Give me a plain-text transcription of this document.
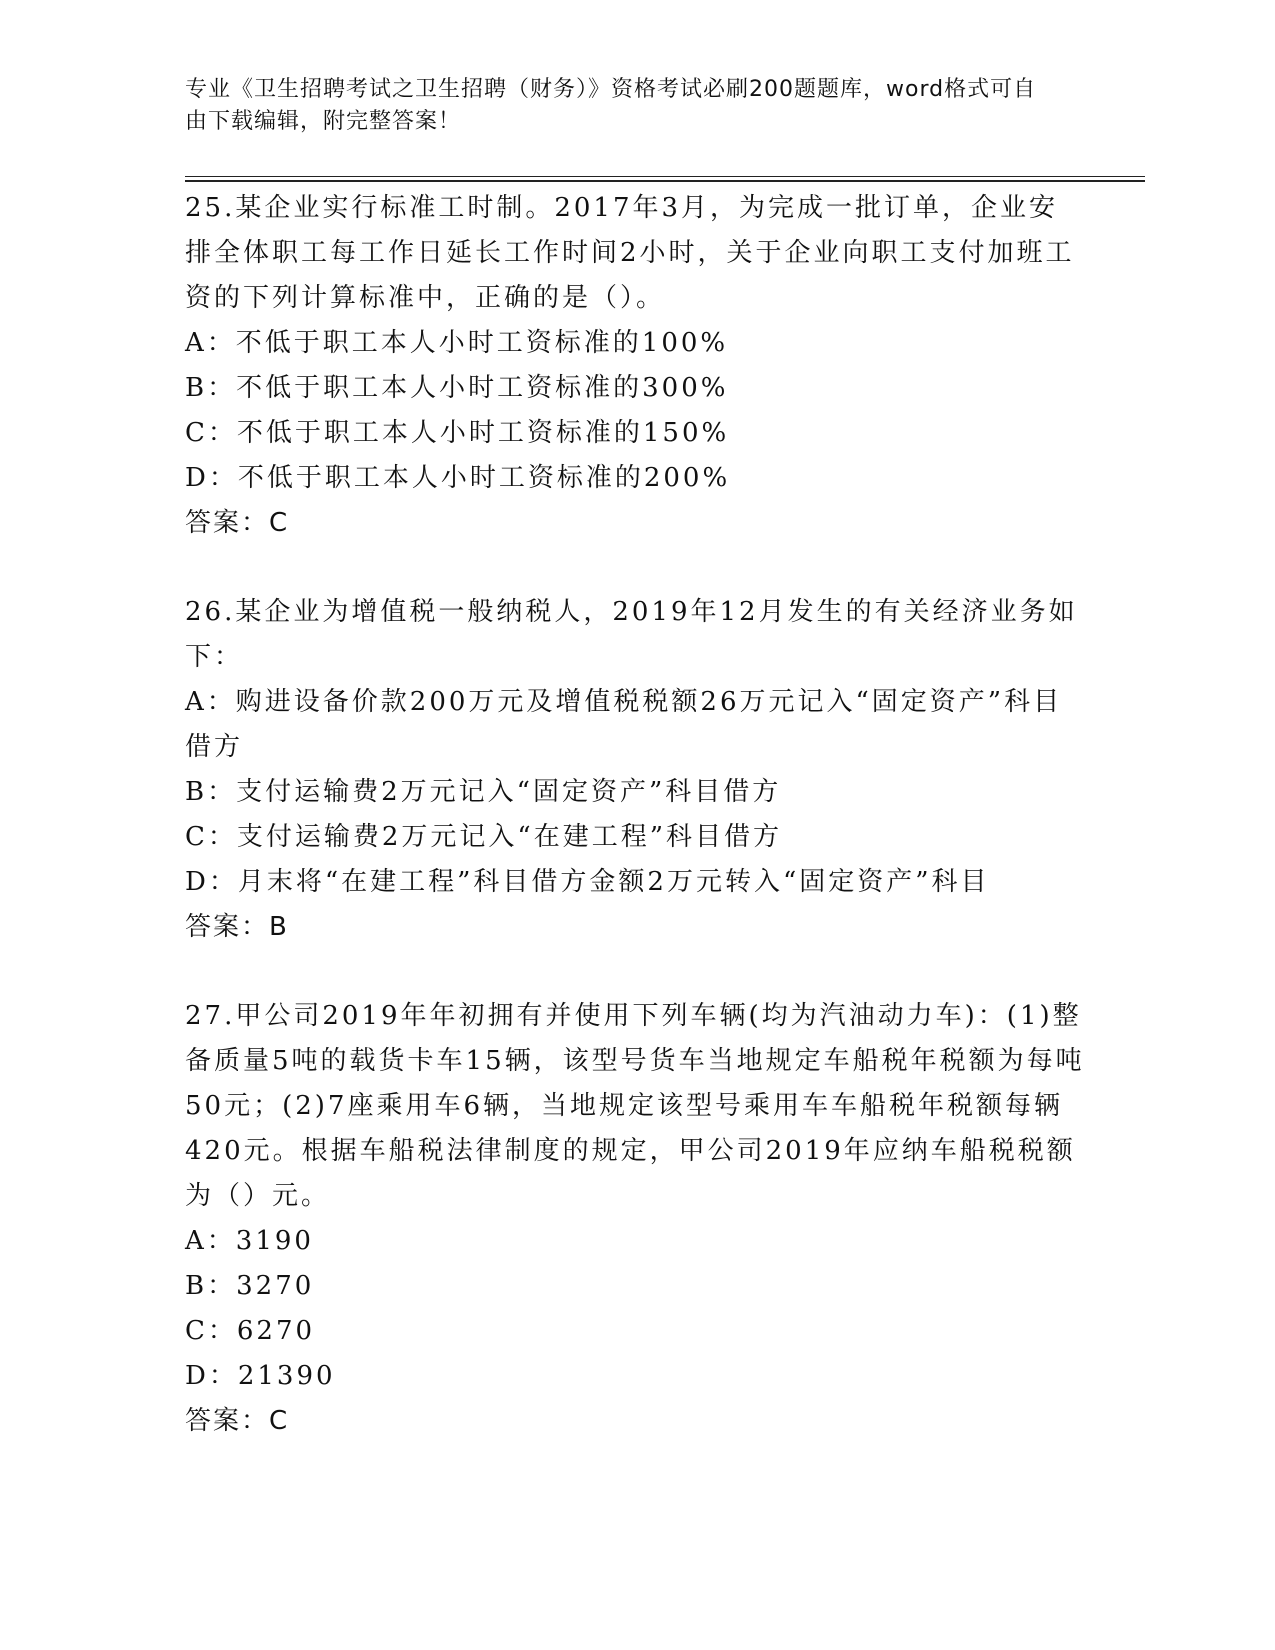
专业《卫生招聘考试之卫生招聘（财务）》资格考试必刷200题题库，word格式可自由下载编辑，附完整答案！

25.某企业实行标准工时制。2017年3月，为完成一批订单，企业安排全体职工每工作日延长工作时间2小时，关于企业向职工支付加班工资的下列计算标准中，正确的是（）。

A：不低于职工本人小时工资标准的100%

B：不低于职工本人小时工资标准的300%

C：不低于职工本人小时工资标准的150%

D：不低于职工本人小时工资标准的200%

答案：C

26.某企业为增值税一般纳税人，2019年12月发生的有关经济业务如下：

A：购进设备价款200万元及增值税税额26万元记入“固定资产”科目借方

B：支付运输费2万元记入“固定资产”科目借方

C：支付运输费2万元记入“在建工程”科目借方

D：月末将“在建工程”科目借方金额2万元转入“固定资产”科目

答案：B

27.甲公司2019年年初拥有并使用下列车辆(均为汽油动力车)：(1)整备质量5吨的载货卡车15辆，该型号货车当地规定车船税年税额为每吨50元；(2)7座乘用车6辆，当地规定该型号乘用车车船税年税额每辆420元。根据车船税法律制度的规定，甲公司2019年应纳车船税税额为（）元。

A：3190

B：3270

C：6270

D：21390

答案：C
